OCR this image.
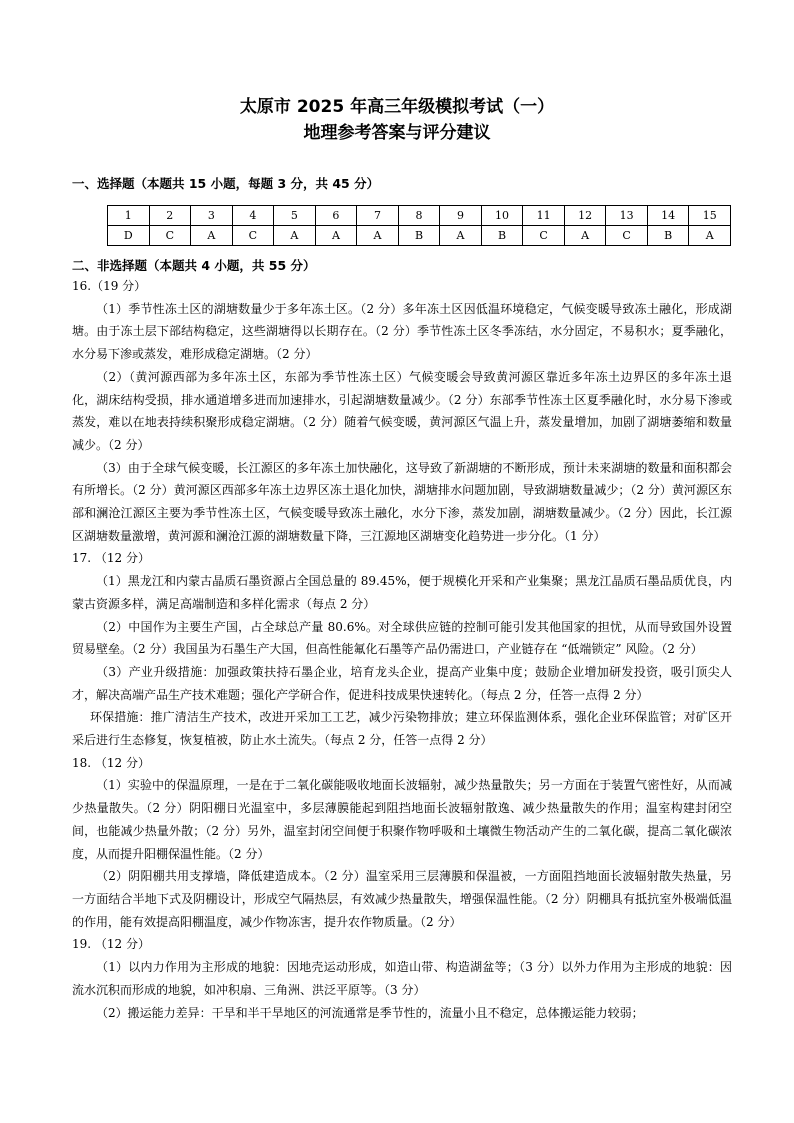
太原市 2025 年高三年级模拟考试（一）
地理参考答案与评分建议
一、选择题（本题共 15 小题，每题 3 分，共 45 分）
1	2	3	4	5	6	7	8	9	10	11	12	13	14	15
D	C	A	C	A	A	A	B	A	B	C	A	C	B	A
二、非选择题（本题共 4 小题，共 55 分）

16.（19 分）

（1）季节性冻土区的湖塘数量少于多年冻土区。（2 分）多年冻土区因低温环境稳定，气候变暖导致冻土融化，形成湖塘。由于冻土层下部结构稳定，这些湖塘得以长期存在。（2 分）季节性冻土区冬季冻结，水分固定，不易积水；夏季融化，水分易下渗或蒸发，难形成稳定湖塘。（2 分）

（2）（黄河源西部为多年冻土区，东部为季节性冻土区）气候变暖会导致黄河源区靠近多年冻土边界区的多年冻土退化，湖床结构受损，排水通道增多进而加速排水，引起湖塘数量减少。（2 分）东部季节性冻土区夏季融化时，水分易下渗或蒸发，难以在地表持续积聚形成稳定湖塘。（2 分）随着气候变暖，黄河源区气温上升，蒸发量增加，加剧了湖塘萎缩和数量减少。（2 分）

（3）由于全球气候变暖，长江源区的多年冻土加快融化，这导致了新湖塘的不断形成，预计未来湖塘的数量和面积都会有所增长。（2 分）黄河源区西部多年冻土边界区冻土退化加快，湖塘排水问题加剧，导致湖塘数量减少；（2 分）黄河源区东部和澜沧江源区主要为季节性冻土区，气候变暖导致冻土融化，水分下渗，蒸发加剧，湖塘数量减少。（2 分）因此，长江源区湖塘数量激增，黄河源和澜沧江源的湖塘数量下降，三江源地区湖塘变化趋势进一步分化。（1 分）

17. （12 分）

（1）黑龙江和内蒙古晶质石墨资源占全国总量的 89.45%，便于规模化开采和产业集聚；黑龙江晶质石墨品质优良，内蒙古资源多样，满足高端制造和多样化需求（每点 2 分）

（2）中国作为主要生产国，占全球总产量 80.6%。对全球供应链的控制可能引发其他国家的担忧，从而导致国外设置贸易壁垒。（2 分）我国虽为石墨生产大国，但高性能氟化石墨等产品仍需进口，产业链存在 “低端锁定” 风险。（2 分）

（3）产业升级措施：加强政策扶持石墨企业，培育龙头企业，提高产业集中度；鼓励企业增加研发投资，吸引顶尖人才，解决高端产品生产技术难题；强化产学研合作，促进科技成果快速转化。（每点 2 分，任答一点得 2 分）

环保措施：推广清洁生产技术，改进开采加工工艺，减少污染物排放；建立环保监测体系，强化企业环保监管；对矿区开采后进行生态修复，恢复植被，防止水土流失。（每点 2 分，任答一点得 2 分）

18. （12 分）

（1）实验中的保温原理，一是在于二氧化碳能吸收地面长波辐射，减少热量散失；另一方面在于装置气密性好，从而减少热量散失。（2 分）阴阳棚日光温室中，多层薄膜能起到阻挡地面长波辐射散逸、减少热量散失的作用；温室构建封闭空间，也能减少热量外散；（2 分）另外，温室封闭空间便于积聚作物呼吸和土壤微生物活动产生的二氧化碳，提高二氧化碳浓度，从而提升阳棚保温性能。（2 分）

（2）阴阳棚共用支撑墙，降低建造成本。（2 分）温室采用三层薄膜和保温被，一方面阻挡地面长波辐射散失热量，另一方面结合半地下式及阴棚设计，形成空气隔热层，有效减少热量散失，增强保温性能。（2 分）阴棚具有抵抗室外极端低温的作用，能有效提高阳棚温度，减少作物冻害，提升农作物质量。（2 分）

19. （12 分）

（1）以内力作用为主形成的地貌：因地壳运动形成，如造山带、构造湖盆等；（3 分）以外力作用为主形成的地貌：因流水沉积而形成的地貌，如冲积扇、三角洲、洪泛平原等。（3 分）

（2）搬运能力差异：干旱和半干旱地区的河流通常是季节性的，流量小且不稳定，总体搬运能力较弱；
